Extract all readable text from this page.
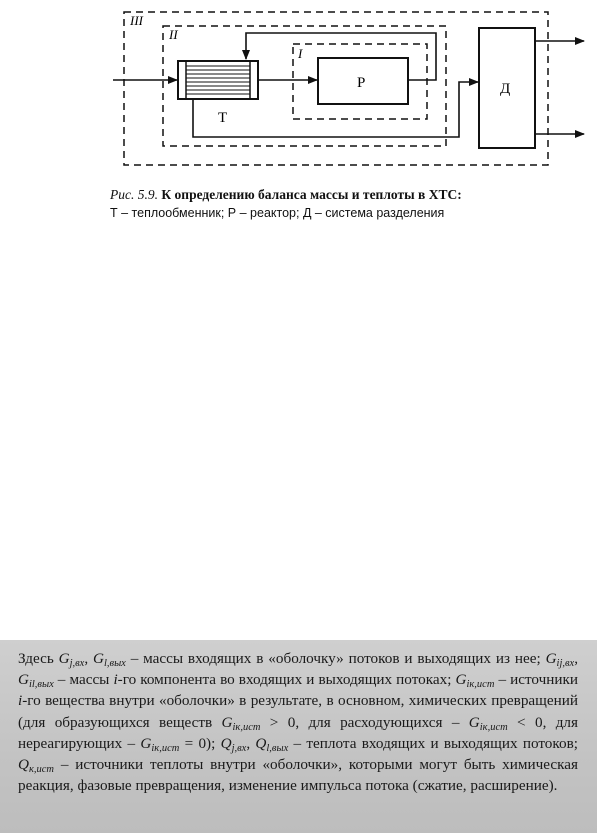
III
II
I
Т
Р	Д
Рис. 5.9. К определению баланса массы и теплоты в ХТС:
Т – теплообменник; Р – реактор; Д – система разделения
Здесь $G_{j,вх}$, $G_{l,вых}$ – массы входящих в «оболочку» потоков и выходящих из нее; $G_{ij,вх}$, $G_{il,вых}$ – массы i-го компонента во входящих и выходящих потоках; $G_{iк,ист}$ – источники i-го вещества внутри «оболочки» в результате, в основном, химических превращений (для образующихся веществ $G_{iк,ист} > 0$, для расходующихся – $G_{iк,ист} < 0$, для нереагирующих – $G_{iк,ист} = 0$); $Q_{j,вх}$, $Q_{l,вых}$ – теплота входящих и выходящих потоков; $Q_{к,ист}$ – источники теплоты внутри «оболочки», которыми могут быть химическая реакция, фазовые превращения, изменение импульса потока (сжатие, расширение).
